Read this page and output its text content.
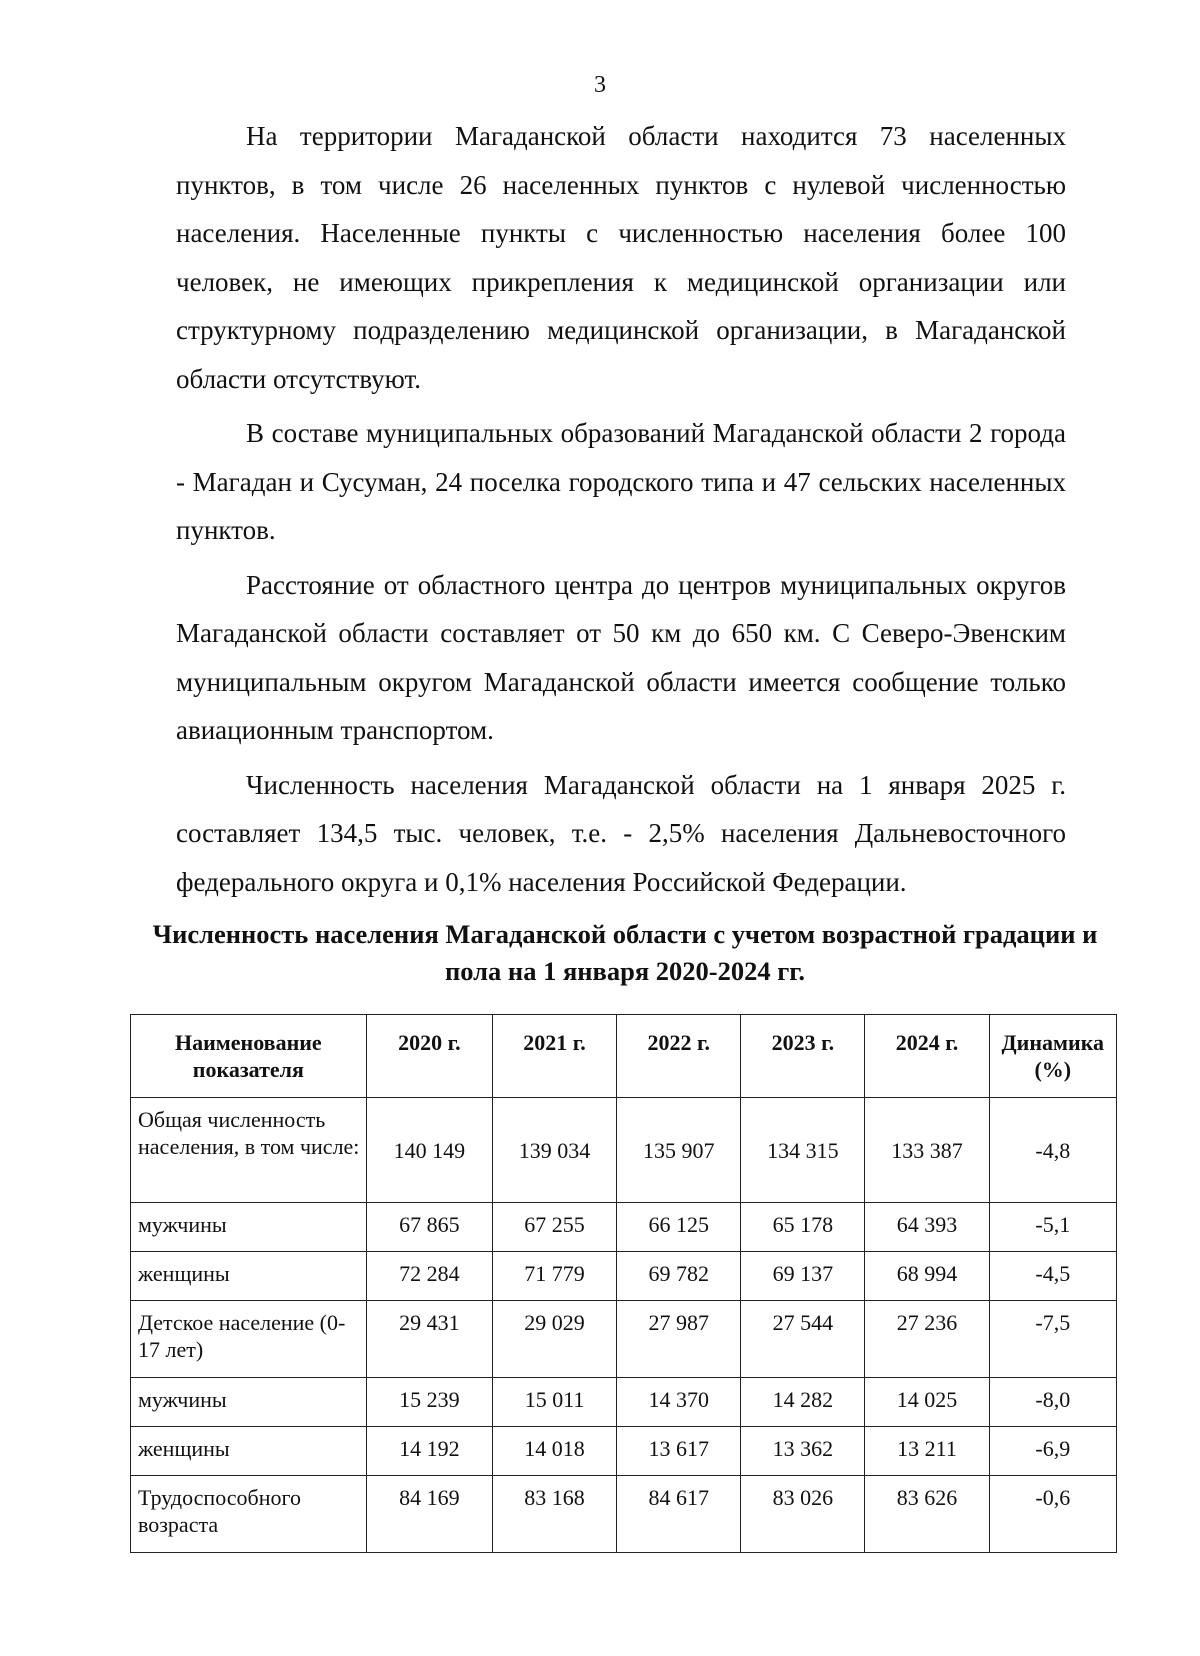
3

На территории Магаданской области находится 73 населенных пунктов, в том числе 26 населенных пунктов с нулевой численностью населения. Населенные пункты с численностью населения более 100 человек, не имеющих прикрепления к медицинской организации или структурному подразделению медицинской организации, в Магаданской области отсутствуют.

В составе муниципальных образований Магаданской области 2 города - Магадан и Сусуман, 24 поселка городского типа и 47 сельских населенных пунктов.

Расстояние от областного центра до центров муниципальных округов Магаданской области составляет от 50 км до 650 км. С Северо-Эвенским муниципальным округом Магаданской области имеется сообщение только авиационным транспортом.

Численность населения Магаданской области на 1 января 2025 г. составляет 134,5 тыс. человек, т.е. - 2,5% населения Дальневосточного федерального округа и 0,1% населения Российской Федерации.

Численность населения Магаданской области с учетом возрастной градации и пола на 1 января 2020-2024 гг.
Наименование показателя	2020 г.	2021 г.	2022 г.	2023 г.	2024 г.	Динамика (%)
Общая численность населения, в том числе:	140 149	139 034	135 907	134 315	133 387	-4,8
мужчины	67 865	67 255	66 125	65 178	64 393	-5,1
женщины	72 284	71 779	69 782	69 137	68 994	-4,5
Детское население (0-17 лет)	29 431	29 029	27 987	27 544	27 236	-7,5
мужчины	15 239	15 011	14 370	14 282	14 025	-8,0
женщины	14 192	14 018	13 617	13 362	13 211	-6,9
Трудоспособного возраста	84 169	83 168	84 617	83 026	83 626	-0,6
